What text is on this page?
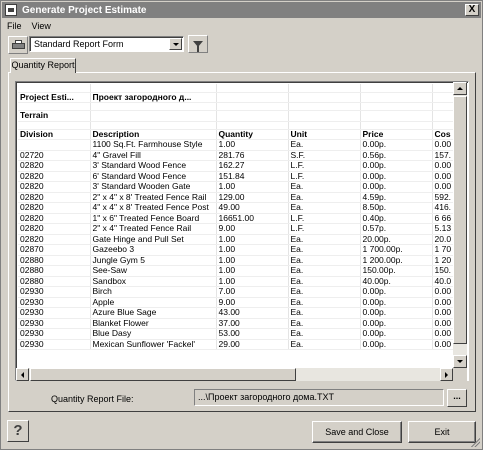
Generate Project Estimate	X
File	View
Standard Report Form
Quantity Report

Project Esti...	Проект загородного д...				

Terrain					

Division	Description	Quantity	Unit	Price	Cos
	1100 Sq.Ft. Farmhouse Style	1.00	Ea.	0.00р.	0.00
02720	4" Gravel Fill	281.76	S.F.	0.56р.	157.
02820	3' Standard Wood Fence	162.27	L.F.	0.00р.	0.00
02820	6' Standard Wood Fence	151.84	L.F.	0.00р.	0.00
02820	3' Standard Wooden Gate	1.00	Ea.	0.00р.	0.00
02820	2" x 4" x 8' Treated Fence Rail	129.00	Ea.	4.59р.	592.
02820	4" x 4" x 8' Treated Fence Post	49.00	Ea.	8.50р.	416.
02820	1" x 6" Treated Fence Board	16651.00	L.F.	0.40р.	6 66
02820	2" x 4" Treated Fence Rail	9.00	L.F.	0.57р.	5.13
02820	Gate Hinge and Pull Set	1.00	Ea.	20.00р.	20.0
02870	Gazeebo 3	1.00	Ea.	1 700.00р.	1 70
02880	Jungle Gym 5	1.00	Ea.	1 200.00р.	1 20
02880	See-Saw	1.00	Ea.	150.00р.	150.
02880	Sandbox	1.00	Ea.	40.00р.	40.0
02930	Birch	7.00	Ea.	0.00р.	0.00
02930	Apple	9.00	Ea.	0.00р.	0.00
02930	Azure Blue Sage	43.00	Ea.	0.00р.	0.00
02930	Blanket Flower	37.00	Ea.	0.00р.	0.00
02930	Blue Dasy	53.00	Ea.	0.00р.	0.00
02930	Mexican Sunflower 'Fackel'	29.00	Ea.	0.00р.	0.00
Quantity Report File:	...\Проект загородного дома.TXT	...
?	Save and Close	Exit
